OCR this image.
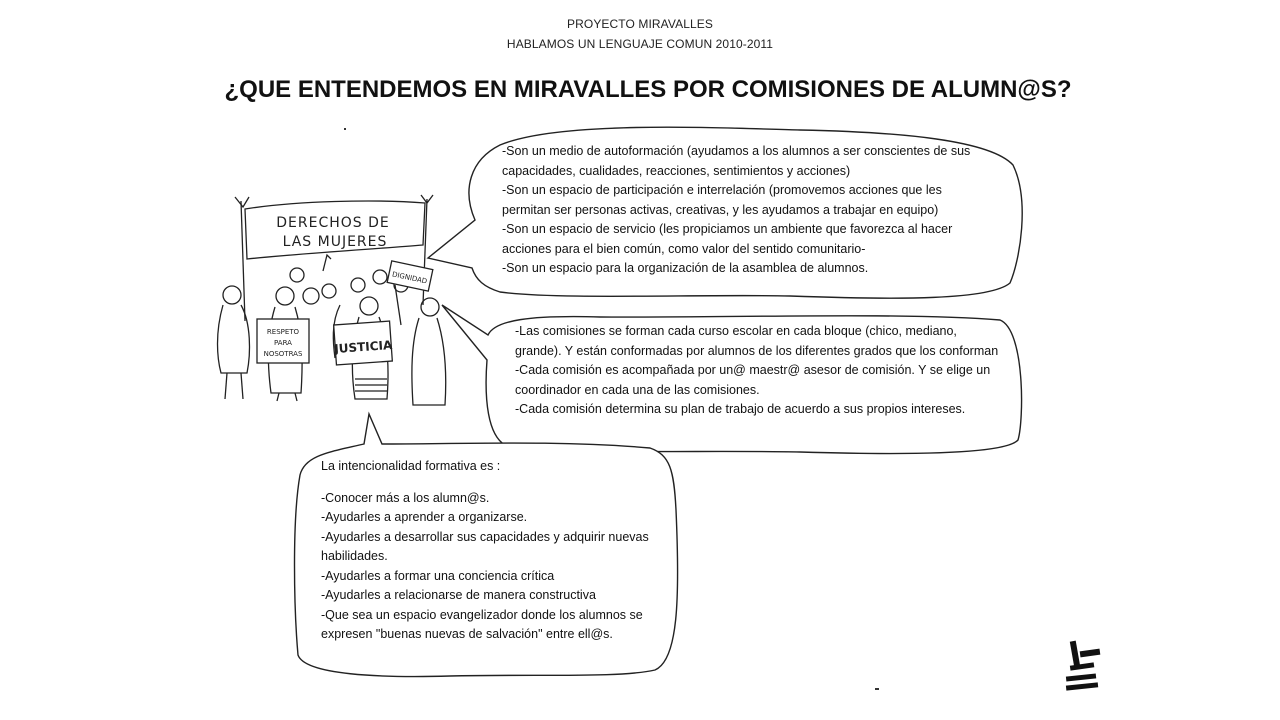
PROYECTO MIRAVALLES
HABLAMOS UN LENGUAJE COMUN 2010-2011
¿QUE ENTENDEMOS EN MIRAVALLES POR COMISIONES DE ALUMN@S?
DERECHOS DE
LAS MUJERES
RESPETO
PARA
NOSOTRAS	JUSTICIA
DIGNIDAD
-Son un medio de autoformación (ayudamos a los alumnos a ser conscientes de sus
capacidades, cualidades, reacciones, sentimientos y acciones)
-Son un espacio de participación e interrelación (promovemos acciones que les
permitan ser personas activas, creativas, y les ayudamos a trabajar en equipo)
-Son un espacio de servicio (les propiciamos un ambiente que favorezca al hacer
acciones para el bien común, como valor del sentido comunitario-
-Son un espacio para la organización de la asamblea de alumnos.
-Las comisiones se forman cada curso escolar en cada bloque (chico, mediano,
grande). Y están conformadas por alumnos de los diferentes grados que los conforman
-Cada comisión es acompañada por un@ maestr@ asesor de comisión. Y se elige un
coordinador en cada una de las comisiones.
-Cada comisión determina su plan de trabajo de acuerdo a sus propios intereses.
La intencionalidad formativa es :
-Conocer más a los alumn@s.
-Ayudarles a aprender a organizarse.
-Ayudarles a desarrollar sus capacidades y adquirir nuevas
habilidades.
-Ayudarles a formar una conciencia crítica
-Ayudarles a relacionarse de manera constructiva
-Que sea un espacio evangelizador donde los alumnos se
expresen "buenas nuevas de salvación" entre ell@s.
14
